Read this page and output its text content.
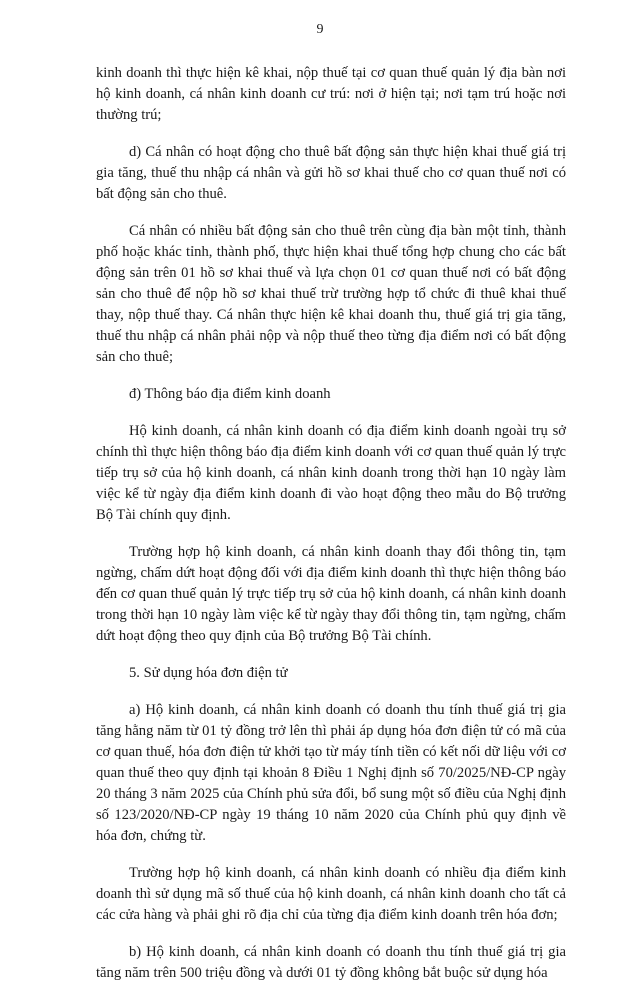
9

kinh doanh thì thực hiện kê khai, nộp thuế tại cơ quan thuế quản lý địa bàn nơi hộ kinh doanh, cá nhân kinh doanh cư trú: nơi ở hiện tại; nơi tạm trú hoặc nơi thường trú;

d) Cá nhân có hoạt động cho thuê bất động sản thực hiện khai thuế giá trị gia tăng, thuế thu nhập cá nhân và gửi hồ sơ khai thuế cho cơ quan thuế nơi có bất động sản cho thuê.

Cá nhân có nhiều bất động sản cho thuê trên cùng địa bàn một tỉnh, thành phố hoặc khác tỉnh, thành phố, thực hiện khai thuế tổng hợp chung cho các bất động sản trên 01 hồ sơ khai thuế và lựa chọn 01 cơ quan thuế nơi có bất động sản cho thuê để nộp hồ sơ khai thuế trừ trường hợp tổ chức đi thuê khai thuế thay, nộp thuế thay. Cá nhân thực hiện kê khai doanh thu, thuế giá trị gia tăng, thuế thu nhập cá nhân phải nộp và nộp thuế theo từng địa điểm nơi có bất động sản cho thuê;

đ) Thông báo địa điểm kinh doanh

Hộ kinh doanh, cá nhân kinh doanh có địa điểm kinh doanh ngoài trụ sở chính thì thực hiện thông báo địa điểm kinh doanh với cơ quan thuế quản lý trực tiếp trụ sở của hộ kinh doanh, cá nhân kinh doanh trong thời hạn 10 ngày làm việc kể từ ngày địa điểm kinh doanh đi vào hoạt động theo mẫu do Bộ trưởng Bộ Tài chính quy định.

Trường hợp hộ kinh doanh, cá nhân kinh doanh thay đổi thông tin, tạm ngừng, chấm dứt hoạt động đối với địa điểm kinh doanh thì thực hiện thông báo đến cơ quan thuế quản lý trực tiếp trụ sở của hộ kinh doanh, cá nhân kinh doanh trong thời hạn 10 ngày làm việc kể từ ngày thay đổi thông tin, tạm ngừng, chấm dứt hoạt động theo quy định của Bộ trưởng Bộ Tài chính.

5. Sử dụng hóa đơn điện tử

a) Hộ kinh doanh, cá nhân kinh doanh có doanh thu tính thuế giá trị gia tăng hằng năm từ 01 tỷ đồng trở lên thì phải áp dụng hóa đơn điện tử có mã của cơ quan thuế, hóa đơn điện tử khởi tạo từ máy tính tiền có kết nối dữ liệu với cơ quan thuế theo quy định tại khoản 8 Điều 1 Nghị định số 70/2025/NĐ-CP ngày 20 tháng 3 năm 2025 của Chính phủ sửa đổi, bổ sung một số điều của Nghị định số 123/2020/NĐ-CP ngày 19 tháng 10 năm 2020 của Chính phủ quy định về hóa đơn, chứng từ.

Trường hợp hộ kinh doanh, cá nhân kinh doanh có nhiều địa điểm kinh doanh thì sử dụng mã số thuế của hộ kinh doanh, cá nhân kinh doanh cho tất cả các cửa hàng và phải ghi rõ địa chỉ của từng địa điểm kinh doanh trên hóa đơn;

b) Hộ kinh doanh, cá nhân kinh doanh có doanh thu tính thuế giá trị gia tăng năm trên 500 triệu đồng và dưới 01 tỷ đồng không bắt buộc sử dụng hóa
